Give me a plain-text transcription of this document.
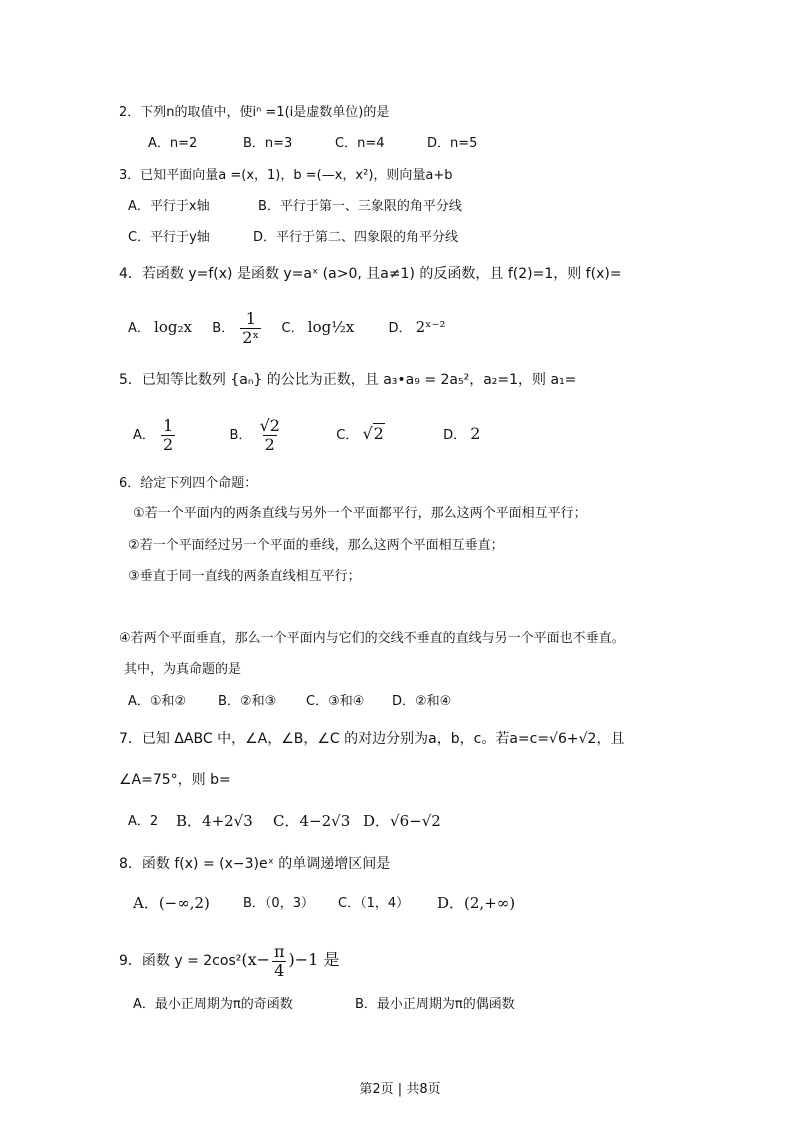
2．下列n的取值中，使iⁿ =1(i是虚数单位)的是
A．n=2	B．n=3	C．n=4	D．n=5
3．已知平面向量a =(x，1)，b =(—x，x²)，则向量a+b
A．平行于x轴	B．平行于第一、三象限的角平分线
C．平行于y轴	D．平行于第二、四象限的角平分线
4．若函数 y=f(x) 是函数 y=aˣ (a>0, 且a≠1) 的反函数，且 f(2)=1，则 f(x)=
A． log₂x B． $\frac{1}{\text{2ˣ}}$ C． log½x	D． 2ˣ⁻²
5．已知等比数列 {aₙ} 的公比为正数，且 a₃•a₉ = 2a₅²，a₂=1，则 a₁=
A． $\frac{1}{2}$	B． $\frac{√2}{2}$	C． √2	D． 2
6．给定下列四个命题：
①若一个平面内的两条直线与另外一个平面都平行，那么这两个平面相互平行；
②若一个平面经过另一个平面的垂线，那么这两个平面相互垂直；
③垂直于同一直线的两条直线相互平行；
④若两个平面垂直，那么一个平面内与它们的交线不垂直的直线与另一个平面也不垂直。
其中，为真命题的是
A．①和② B．②和③ C．③和④ D．②和④
7．已知 ΔABC 中，∠A，∠B，∠C 的对边分别为a，b，c。若a=c=√6+√2，且
∠A=75°，则 b=
A．2 B．4+2√3 C．4−2√3 D．√6−√2
8．函数 f(x) = (x−3)eˣ 的单调递增区间是
A．(−∞,2)	B．（0，3） C．（1，4） D．(2,+∞)
9．函数 $y = 2\cos^2(x- \frac{\pi}{4} )-1$ 是
A．最小正周期为π的奇函数	B．最小正周期为π的偶函数
第2页 | 共8页
